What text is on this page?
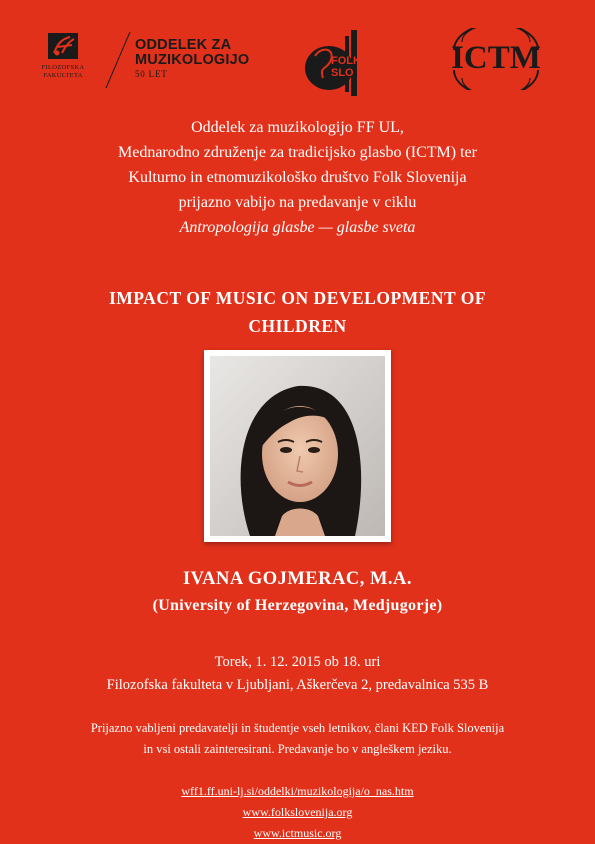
FILOZOFSKA
FAKULTETA
ODDELEK ZA
MUZIKOLOGIJO
50 LET
FOLK
SLO	ICTM
Oddelek za muzikologijo FF UL,
Mednarodno združenje za tradicijsko glasbo (ICTM) ter
Kulturno in etnomuzikološko društvo Folk Slovenija
prijazno vabijo na predavanje v ciklu
Antropologija glasbe — glasbe sveta
IMPACT OF MUSIC ON DEVELOPMENT OF
CHILDREN
IVANA GOJMERAC, M.A.
(University of Herzegovina, Medjugorje)
Torek, 1. 12. 2015 ob 18. uri
Filozofska fakulteta v Ljubljani, Aškerčeva 2, predavalnica 535 B
Prijazno vabljeni predavatelji in študentje vseh letnikov, člani KED Folk Slovenija
in vsi ostali zainteresirani. Predavanje bo v angleškem jeziku.
wff1.ff.uni-lj.si/oddelki/muzikologija/o_nas.htm
www.folkslovenija.org
www.ictmusic.org
